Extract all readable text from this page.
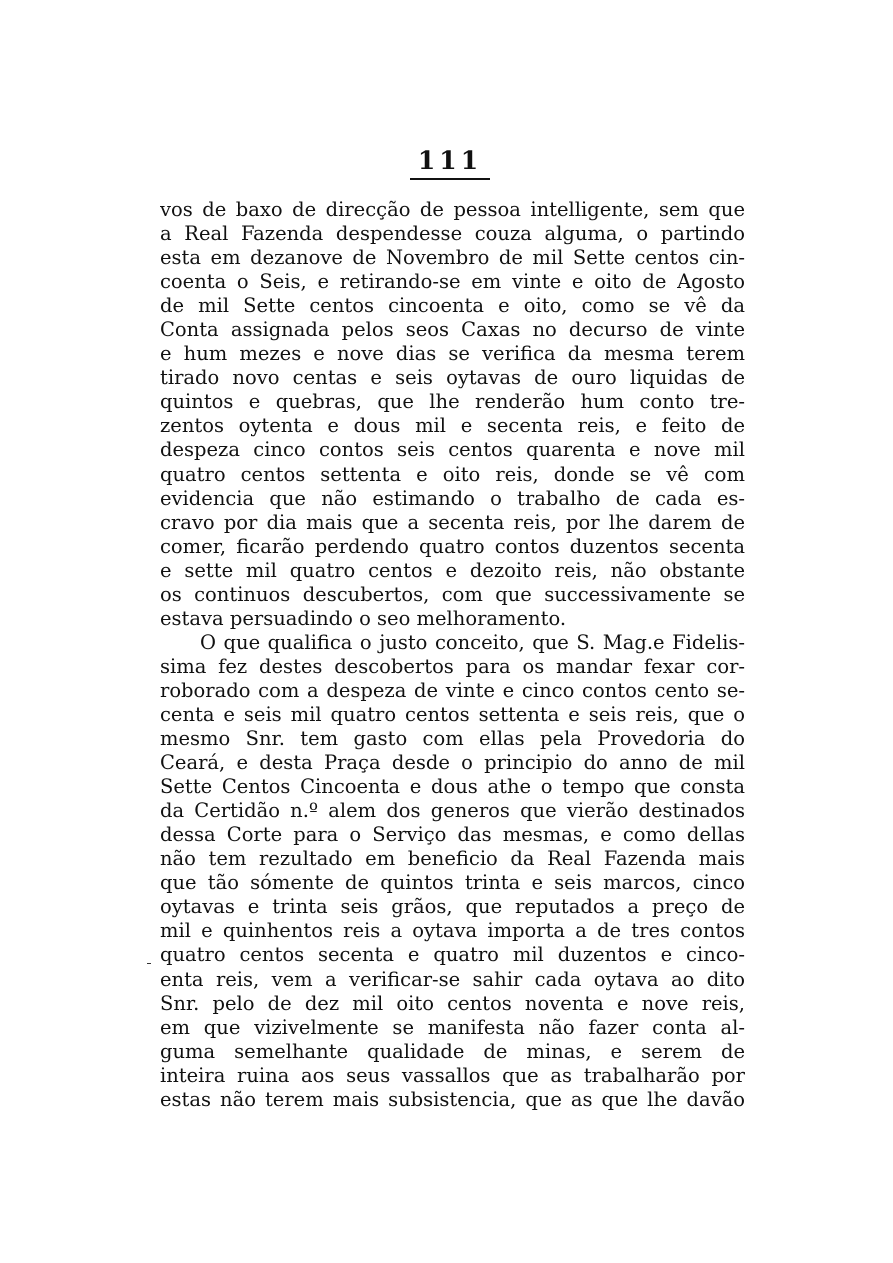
111
vos de baxo de direcção de pessoa intelligente, sem que
a Real Fazenda despendesse couza alguma, o partindo
esta em dezanove de Novembro de mil Sette centos cin-
coenta o Seis, e retirando-se em vinte e oito de Agosto
de mil Sette centos cincoenta e oito, como se vê da
Conta assignada pelos seos Caxas no decurso de vinte
e hum mezes e nove dias se verifica da mesma terem
tirado novo centas e seis oytavas de ouro liquidas de
quintos e quebras, que lhe renderão hum conto tre-
zentos oytenta e dous mil e secenta reis, e feito de
despeza cinco contos seis centos quarenta e nove mil
quatro centos settenta e oito reis, donde se vê com
evidencia que não estimando o trabalho de cada es-
cravo por dia mais que a secenta reis, por lhe darem de
comer, ficarão perdendo quatro contos duzentos secenta
e sette mil quatro centos e dezoito reis, não obstante
os continuos descubertos, com que successivamente se
estava persuadindo o seo melhoramento.
O que qualifica o justo conceito, que S. Mag.e Fidelis-
sima fez destes descobertos para os mandar fexar cor-
roborado com a despeza de vinte e cinco contos cento se-
centa e seis mil quatro centos settenta e seis reis, que o
mesmo Snr. tem gasto com ellas pela Provedoria do
Ceará, e desta Praça desde o principio do anno de mil
Sette Centos Cincoenta e dous athe o tempo que consta
da Certidão n.º alem dos generos que vierão destinados
dessa Corte para o Serviço das mesmas, e como dellas
não tem rezultado em beneficio da Real Fazenda mais
que tão sómente de quintos trinta e seis marcos, cinco
oytavas e trinta seis grãos, que reputados a preço de
mil e quinhentos reis a oytava importa a de tres contos
quatro centos secenta e quatro mil duzentos e cinco-
enta reis, vem a verificar-se sahir cada oytava ao dito
Snr. pelo de dez mil oito centos noventa e nove reis,
em que vizivelmente se manifesta não fazer conta al-
guma semelhante qualidade de minas, e serem de
inteira ruina aos seus vassallos que as trabalharão por
estas não terem mais subsistencia, que as que lhe davão
